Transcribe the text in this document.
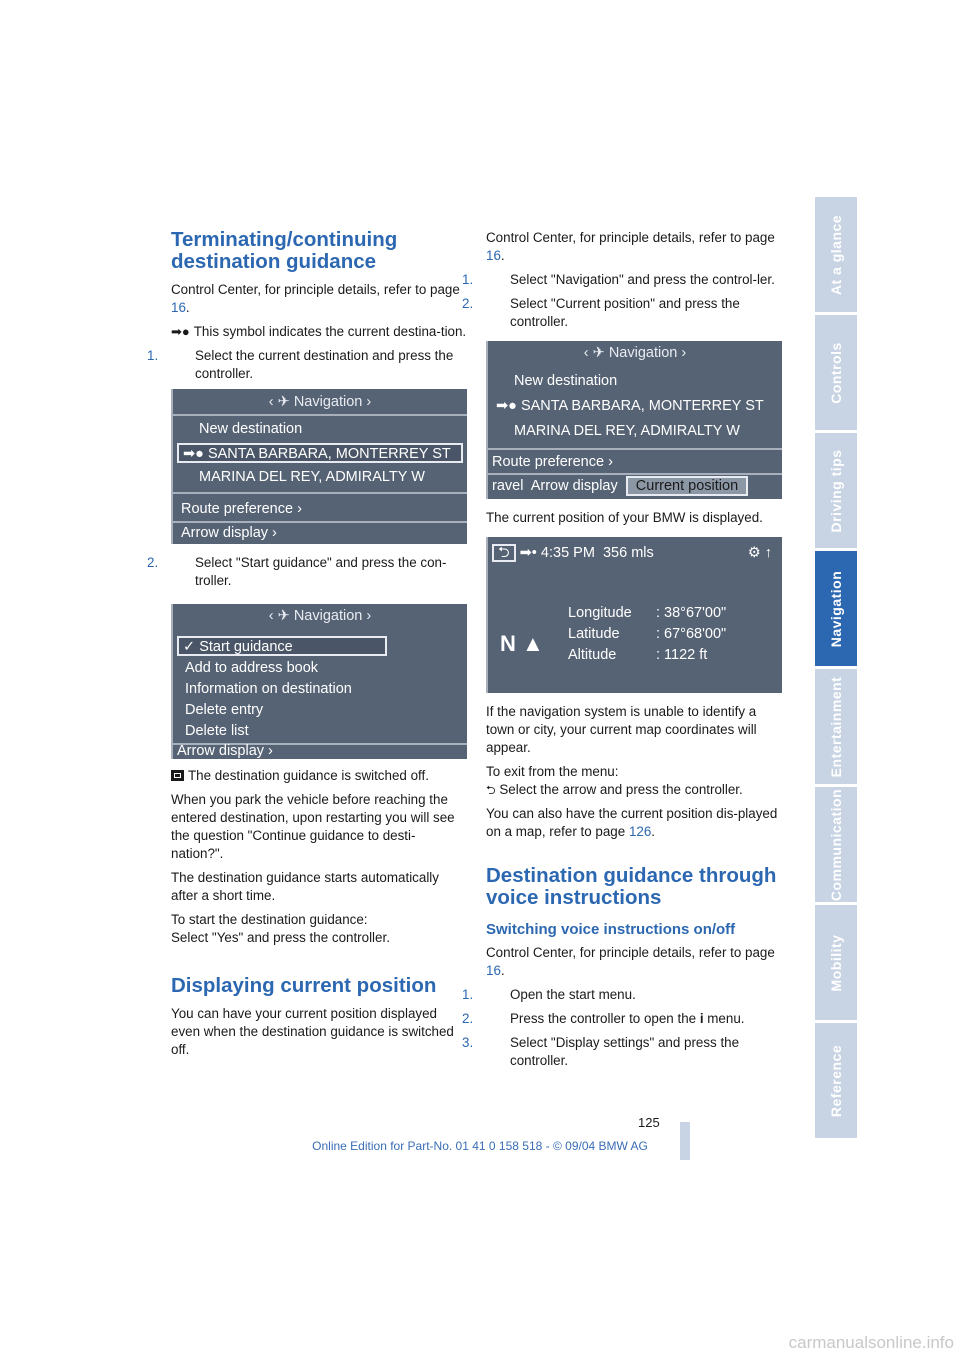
At a glance
Controls
Driving tips
Navigation
Entertainment
Communication
Mobility
Reference
Terminating/continuing destination guidance

Control Center, for principle details, refer to page 16.

➡● This symbol indicates the current destina-tion.

1.	Select the current destination and press the controller.

‹ ✈ Navigation ›
New destination
➡● SANTA BARBARA, MONTERREY ST
MARINA DEL REY, ADMIRALTY W
Route preference ›
Arrow display ›

2.	Select "Start guidance" and press the con-troller.

‹ ✈ Navigation ›
✓ Start guidance
Add to address book
Information on destination
Delete entry
Delete list
Arrow display ›

The destination guidance is switched off.

When you park the vehicle before reaching the entered destination, upon restarting you will see the question "Continue guidance to desti-nation?".

The destination guidance starts automatically after a short time.

To start the destination guidance:

Select "Yes" and press the controller.

Displaying current position

You can have your current position displayed even when the destination guidance is switched off.

Control Center, for principle details, refer to page 16.

1.	Select "Navigation" and press the control-ler.

2.	Select "Current position" and press the controller.

‹ ✈ Navigation ›
New destination
➡● SANTA BARBARA, MONTERREY ST
MARINA DEL REY, ADMIRALTY W
Route preference ›
ravel Arrow display Current position

The current position of your BMW is displayed.

⮌ ➡• 4:35 PM 356 mls	⚙ ↑
Longitude : 38°67'00"
Latitude	: 67°68'00"
Altitude	: 1122 ft
N ▲

If the navigation system is unable to identify a town or city, your current map coordinates will appear.

To exit from the menu:

⮌ Select the arrow and press the controller.

You can also have the current position dis-played on a map, refer to page 126.

Destination guidance through voice instructions
Switching voice instructions on/off

Control Center, for principle details, refer to page 16.

1.	Open the start menu.

2.	Press the controller to open the i menu.

3.	Select "Display settings" and press the controller.

125
Online Edition for Part-No. 01 41 0 158 518 - © 09/04 BMW AG
carmanualsonline.info
